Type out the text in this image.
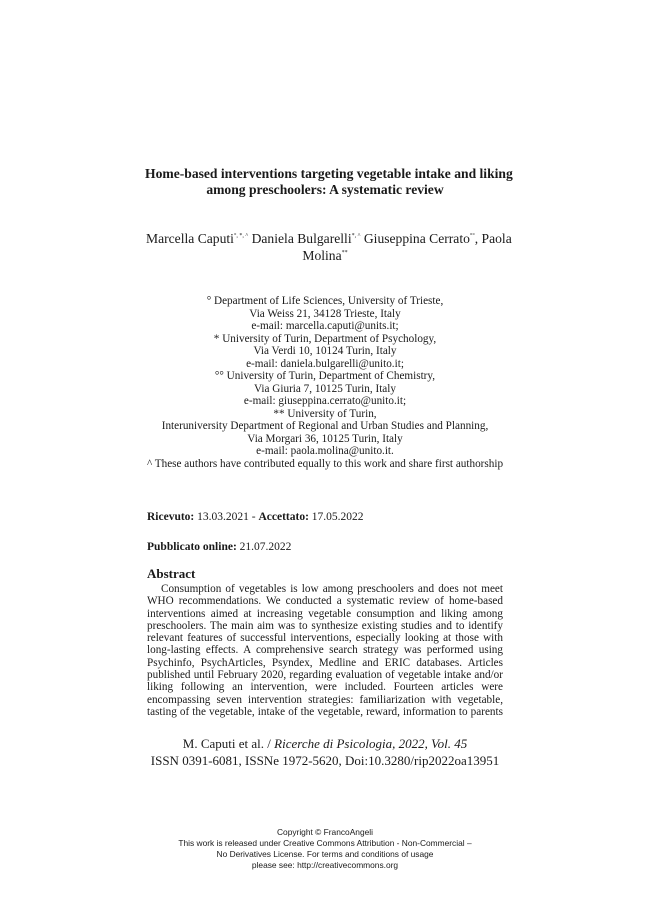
Home-based interventions targeting vegetable intake and liking
among preschoolers: A systematic review
Marcella Caputi°, *, ^ Daniela Bulgarelli*, ^ Giuseppina Cerrato°°, Paola
Molina**
° Department of Life Sciences, University of Trieste,
Via Weiss 21, 34128 Trieste, Italy
e-mail: marcella.caputi@units.it;
* University of Turin, Department of Psychology,
Via Verdi 10, 10124 Turin, Italy
e-mail: daniela.bulgarelli@unito.it;
°° University of Turin, Department of Chemistry,
Via Giuria 7, 10125 Turin, Italy
e-mail: giuseppina.cerrato@unito.it;
** University of Turin,
Interuniversity Department of Regional and Urban Studies and Planning,
Via Morgari 36, 10125 Turin, Italy
e-mail: paola.molina@unito.it.
^ These authors have contributed equally to this work and share first authorship
Ricevuto: 13.03.2021 - Accettato: 17.05.2022
Pubblicato online: 21.07.2022
Abstract
Consumption of vegetables is low among preschoolers and does not meet
WHO recommendations. We conducted a systematic review of home-based
interventions aimed at increasing vegetable consumption and liking among
preschoolers. The main aim was to synthesize existing studies and to identify
relevant features of successful interventions, especially looking at those with
long-lasting effects. A comprehensive search strategy was performed using
Psychinfo, PsychArticles, Psyndex, Medline and ERIC databases. Articles
published until February 2020, regarding evaluation of vegetable intake and/or
liking following an intervention, were included. Fourteen articles were
encompassing seven intervention strategies: familiarization with vegetable,
tasting of the vegetable, intake of the vegetable, reward, information to parents
M. Caputi et al. / Ricerche di Psicologia, 2022, Vol. 45
ISSN 0391-6081, ISSNe 1972-5620, Doi:10.3280/rip2022oa13951
Copyright © FrancoAngeli
This work is released under Creative Commons Attribution - Non-Commercial –
No Derivatives License. For terms and conditions of usage
please see: http://creativecommons.org
